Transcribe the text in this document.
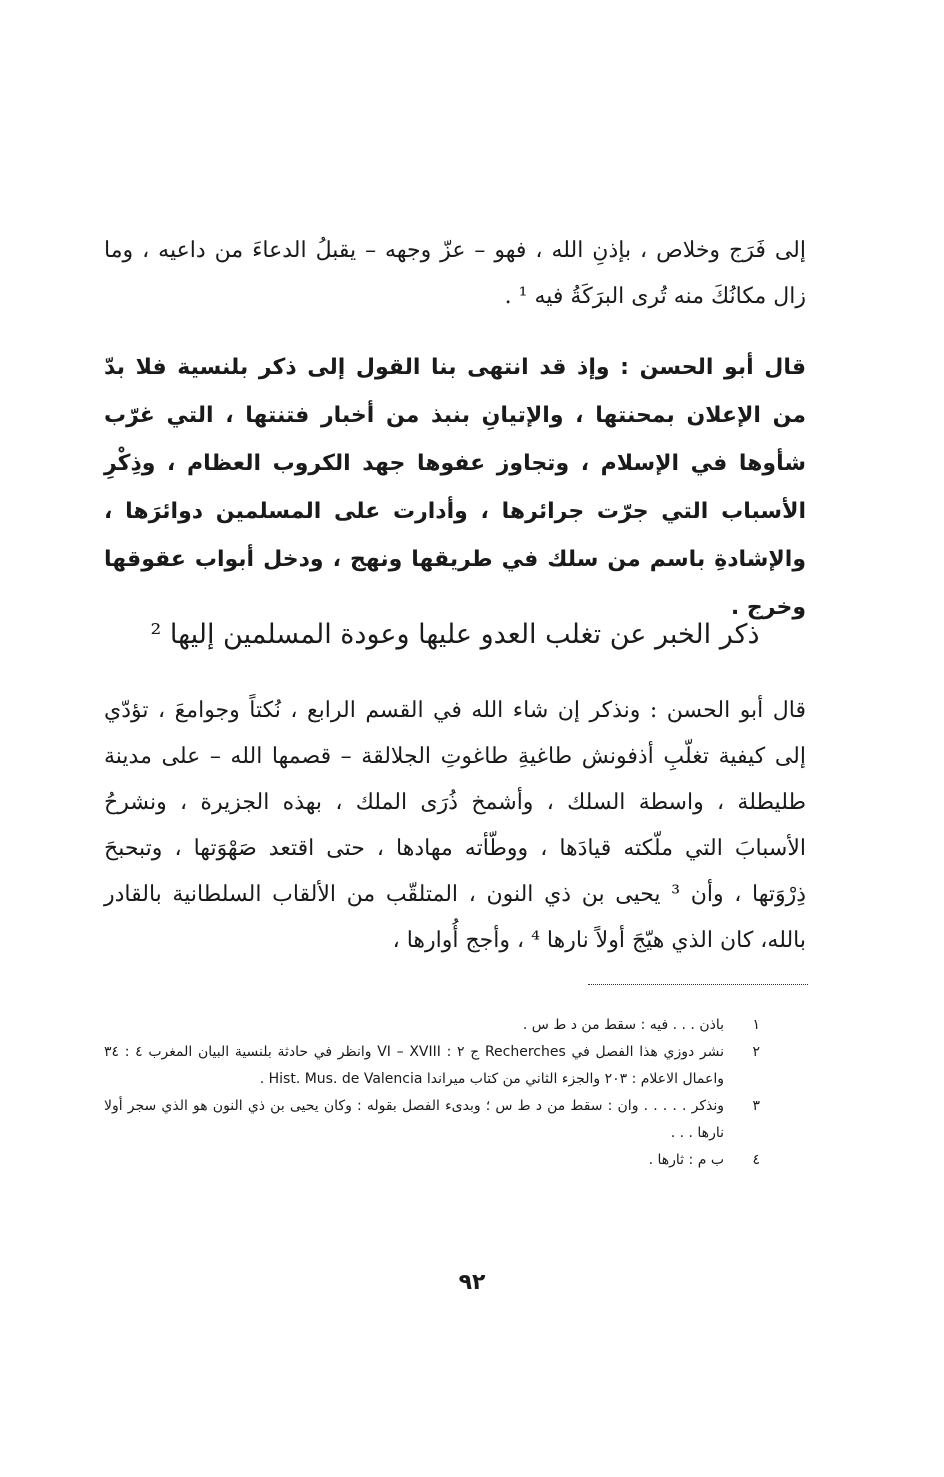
إلى فَرَج وخلاص ، بإذنِ الله ، فهو – عزّ وجهه – يقبلُ الدعاءَ من داعيه ، وما زال مكانُكَ منه تُرى البرَكَةُ فيه ¹ .

قال أبو الحسن : وإذ قد انتهى بنا القول إلى ذكر بلنسية فلا بدّ من الإعلان بمحنتها ، والإتيانِ بنبذ من أخبار فتنتها ، التي غرّب شأوها في الإسلام ، وتجاوز عفوها جهد الكروب العظام ، وذِكْرِ الأسباب التي جرّت جرائرها ، وأدارت على المسلمين دوائرَها ، والإشادةِ باسم من سلك في طريقها ونهج ، ودخل أبواب عقوقها وخرج .

ذكر الخبر عن تغلب العدو عليها وعودة المسلمين إليها ²

قال أبو الحسن : ونذكر إن شاء الله في القسم الرابع ، نُكتاً وجوامعَ ، تؤدّي إلى كيفية تغلّبِ أذفونش طاغيةِ طاغوتِ الجلالقة – قصمها الله – على مدينة طليطلة ، واسطة السلك ، وأشمخ ذُرَى الملك ، بهذه الجزيرة ، ونشرحُ الأسبابَ التي ملّكته قيادَها ، ووطّأته مهادها ، حتى اقتعد صَهْوَتها ، وتبحبحَ ذِرْوَتها ، وأن ³ يحيى بن ذي النون ، المتلقّب من الألقاب السلطانية بالقادر بالله، كان الذي هيّجَ أولاً نارها ⁴ ، وأجج أُوارها ،

١
باذن . . . فيه : سقط من د ط س .
٢
نشر دوزي هذا الفصل في Recherches ج ٢ : VI – XVIII وانظر في حادثة بلنسية البيان المغرب ٤ : ٣٤ واعمال الاعلام : ٢٠٣ والجزء الثاني من كتاب ميراندا Hist. Mus. de Valencia .
٣
ونذكر . . . . . وان : سقط من د ط س ؛ وبدىء الفصل بقوله : وكان يحيى بن ذي النون هو الذي سجر أولا نارها . . .
٤
ب م : ثارها .
٩٢
